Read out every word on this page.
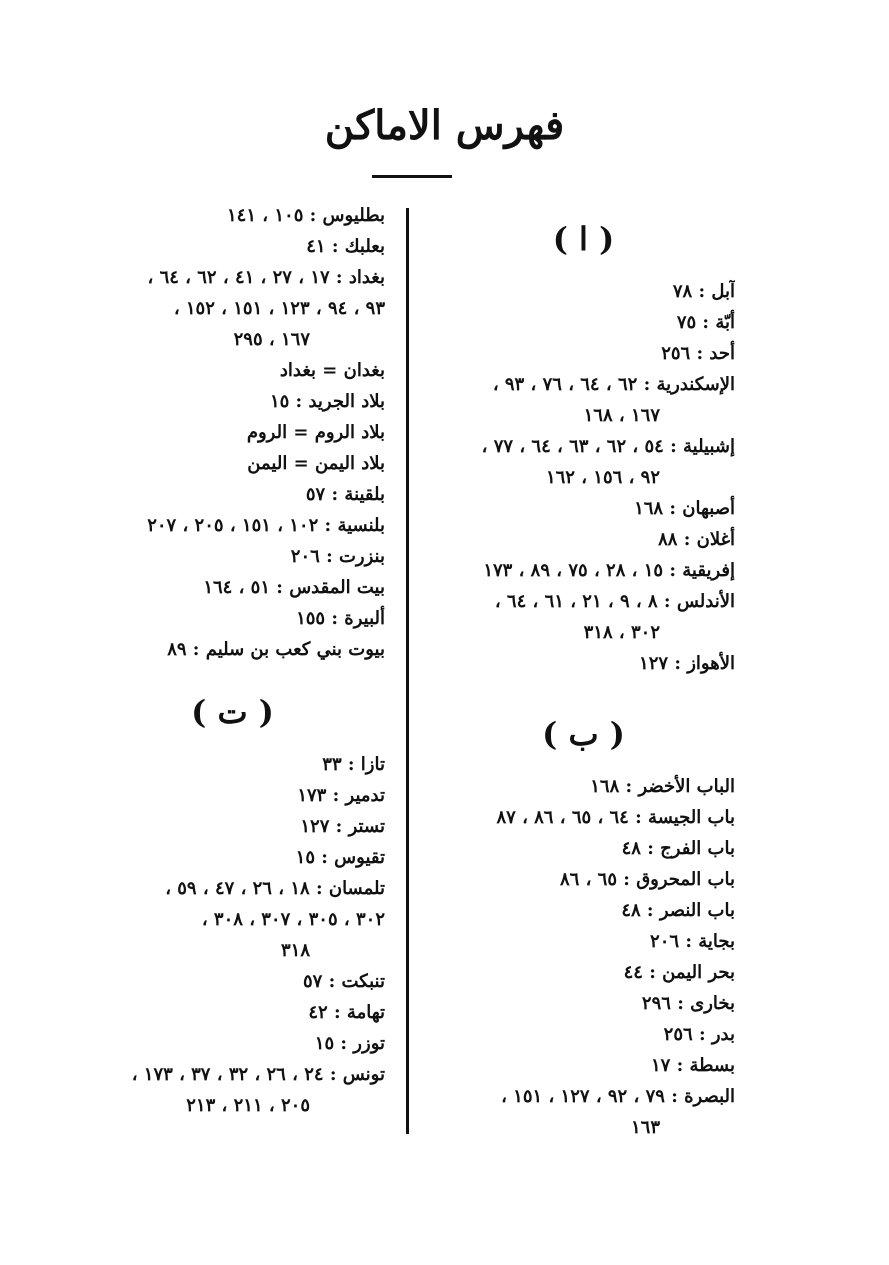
فهرس الاماكن
( ا )
آبل : ٧٨
أبّة : ٧٥
أحد : ٢٥٦
الإسكندرية : ٦٢ ، ٦٤ ، ٧٦ ، ٩٣ ،
١٦٧ ، ١٦٨
إشبيلية : ٥٤ ، ٦٢ ، ٦٣ ، ٦٤ ، ٧٧ ،
٩٢ ، ١٥٦ ، ١٦٢
أصبهان : ١٦٨
أغلان : ٨٨
إفريقية : ١٥ ، ٢٨ ، ٧٥ ، ٨٩ ، ١٧٣
الأندلس : ٨ ، ٩ ، ٢١ ، ٦١ ، ٦٤ ،
٣٠٢ ، ٣١٨
الأهواز : ١٢٧
( ب )
الباب الأخضر : ١٦٨
باب الجيسة : ٦٤ ، ٦٥ ، ٨٦ ، ٨٧
باب الفرج : ٤٨
باب المحروق : ٦٥ ، ٨٦
باب النصر : ٤٨
بجاية : ٢٠٦
بحر اليمن : ٤٤
بخارى : ٢٩٦
بدر : ٢٥٦
بسطة : ١٧
البصرة : ٧٩ ، ٩٢ ، ١٢٧ ، ١٥١ ،
١٦٣
بطليوس : ١٠٥ ، ١٤١
بعلبك : ٤١
بغداد : ١٧ ، ٢٧ ، ٤١ ، ٦٢ ، ٦٤ ،
٩٣ ، ٩٤ ، ١٢٣ ، ١٥١ ، ١٥٢ ،
١٦٧ ، ٢٩٥
بغدان = بغداد
بلاد الجريد : ١٥
بلاد الروم = الروم
بلاد اليمن = اليمن
بلقينة : ٥٧
بلنسية : ١٠٢ ، ١٥١ ، ٢٠٥ ، ٢٠٧
بنزرت : ٢٠٦
بيت المقدس : ٥١ ، ١٦٤
ألبيرة : ١٥٥
بيوت بني كعب بن سليم : ٨٩
( ت )
تازا : ٣٣
تدمير : ١٧٣
تستر : ١٢٧
تقيوس : ١٥
تلمسان : ١٨ ، ٢٦ ، ٤٧ ، ٥٩ ،
٣٠٢ ، ٣٠٥ ، ٣٠٧ ، ٣٠٨ ،
٣١٨
تنبكت : ٥٧
تهامة : ٤٢
توزر : ١٥
تونس : ٢٤ ، ٢٦ ، ٣٢ ، ٣٧ ، ١٧٣ ،
٢٠٥ ، ٢١١ ، ٢١٣
